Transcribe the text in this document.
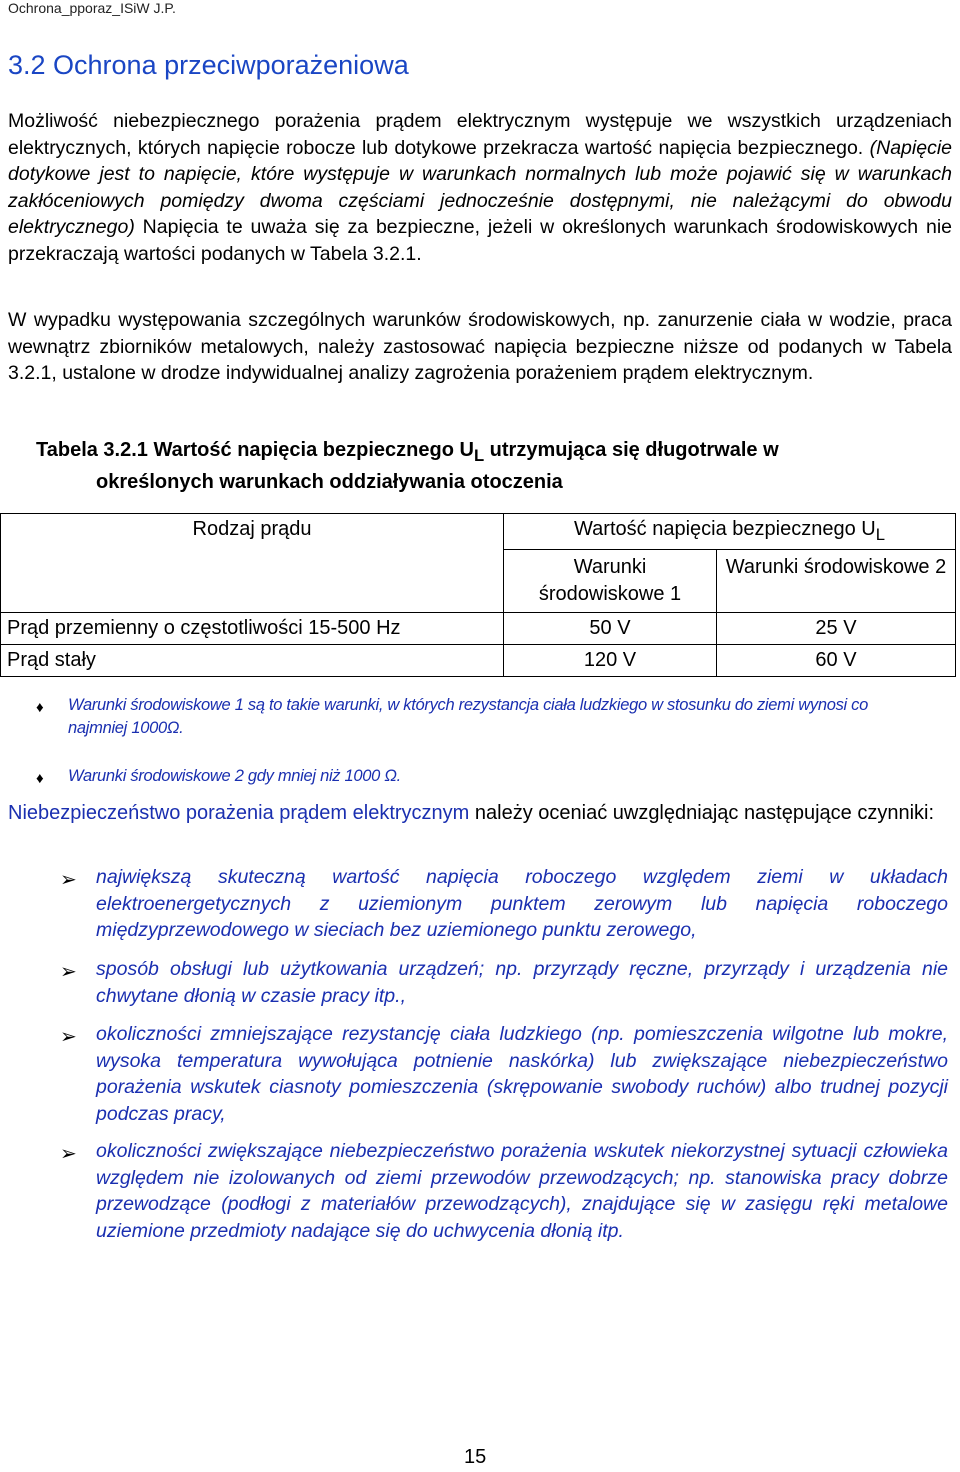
Ochrona_pporaz_ISiW J.P.
3.2 Ochrona przeciwporażeniowa

Możliwość niebezpiecznego porażenia prądem elektrycznym występuje we wszystkich urządzeniach elektrycznych, których napięcie robocze lub dotykowe przekracza wartość napięcia bezpiecznego. (Napięcie dotykowe jest to napięcie, które występuje w warunkach normalnych lub może pojawić się w warunkach zakłóceniowych pomiędzy dwoma częściami jednocześnie dostępnymi, nie należącymi do obwodu elektrycznego) Napięcia te uważa się za bezpieczne, jeżeli w określonych warunkach środowiskowych nie przekraczają wartości podanych w Tabela 3.2.1.

W wypadku występowania szczególnych warunków środowiskowych, np. zanurzenie ciała w wodzie, praca wewnątrz zbiorników metalowych, należy zastosować napięcia bezpieczne niższe od podanych w Tabela 3.2.1, ustalone w drodze indywidualnej analizy zagrożenia porażeniem prądem elektrycznym.

Tabela 3.2.1 Wartość napięcia bezpiecznego $U_L$ utrzymująca się długotrwale w
określonych warunkach oddziaływania otoczenia

Rodzaj prądu	Wartość napięcia bezpiecznego $U_L$
	Warunki środowiskowe 1	Warunki środowiskowe 2
Prąd przemienny o częstotliwości 15-500 Hz	50 V	25 V
Prąd stały	120 V	60 V

♦ Warunki środowiskowe 1 są to takie warunki, w których rezystancja ciała ludzkiego w stosunku do ziemi wynosi co najmniej 1000Ω.

♦ Warunki środowiskowe 2 gdy mniej niż 1000 Ω.

Niebezpieczeństwo porażenia prądem elektrycznym należy oceniać uwzględniając następujące czynniki:

➢ największą skuteczną wartość napięcia roboczego względem ziemi w układach elektroenergetycznych z uziemionym punktem zerowym lub napięcia roboczego międzyprzewodowego w sieciach bez uziemionego punktu zerowego,

➢ sposób obsługi lub użytkowania urządzeń; np. przyrządy ręczne, przyrządy i urządzenia nie chwytane dłonią w czasie pracy itp.,

➢ okoliczności zmniejszające rezystancję ciała ludzkiego (np. pomieszczenia wilgotne lub mokre, wysoka temperatura wywołująca potnienie naskórka) lub zwiększające niebezpieczeństwo porażenia wskutek ciasnoty pomieszczenia (skrępowanie swobody ruchów) albo trudnej pozycji podczas pracy,

➢ okoliczności zwiększające niebezpieczeństwo porażenia wskutek niekorzystnej sytuacji człowieka względem nie izolowanych od ziemi przewodów przewodzących; np. stanowiska pracy dobrze przewodzące (podłogi z materiałów przewodzących), znajdujące się w zasięgu ręki metalowe uziemione przedmioty nadające się do uchwycenia dłonią itp.

15
